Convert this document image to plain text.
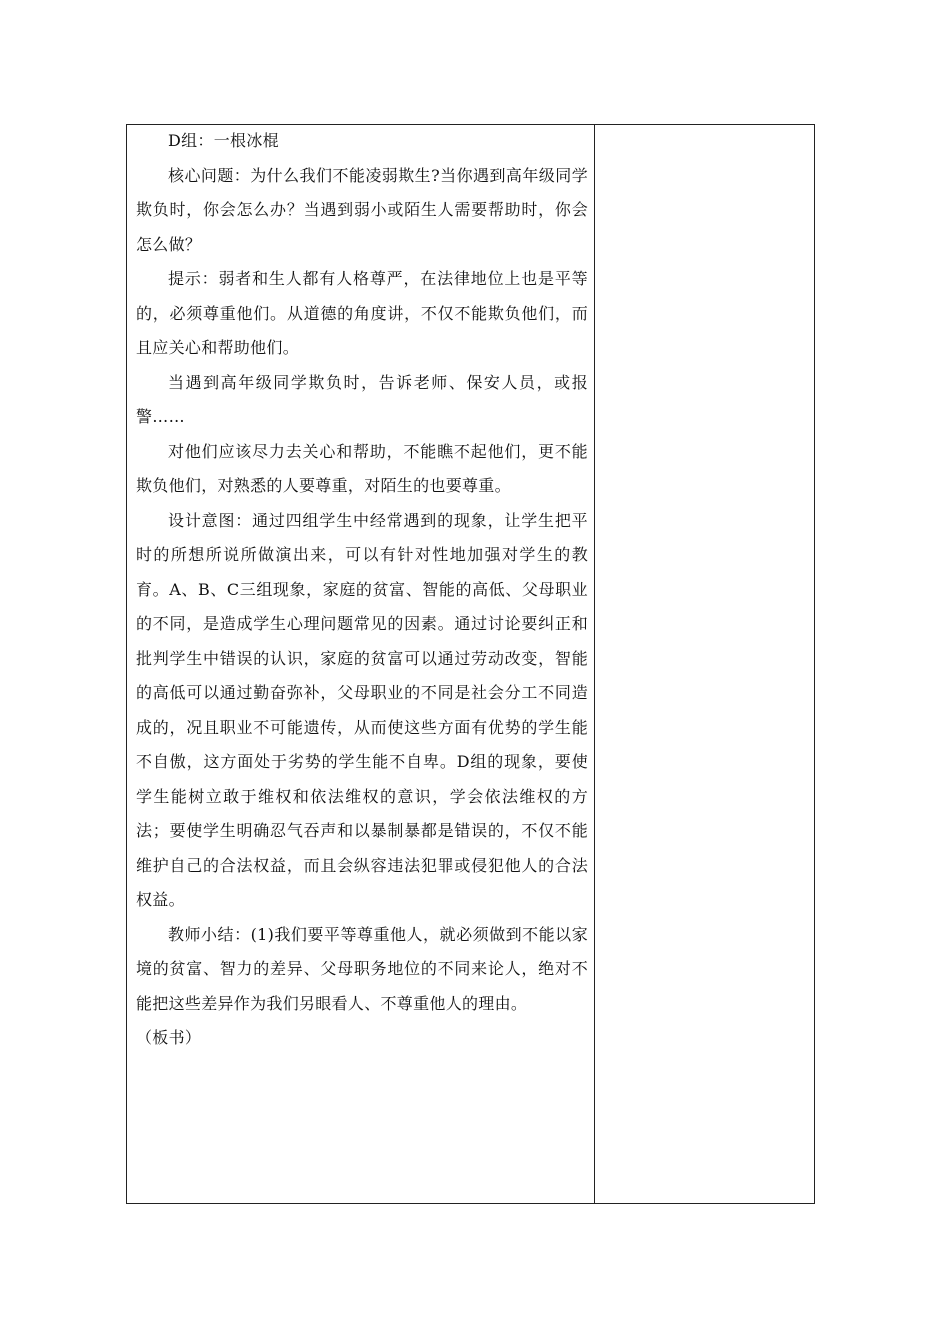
D组：一根冰棍

核心问题：为什么我们不能凌弱欺生?当你遇到高年级同学欺负时，你会怎么办？当遇到弱小或陌生人需要帮助时，你会怎么做？

提示：弱者和生人都有人格尊严，在法律地位上也是平等的，必须尊重他们。从道德的角度讲，不仅不能欺负他们，而且应关心和帮助他们。

当遇到高年级同学欺负时，告诉老师、保安人员，或报警……

对他们应该尽力去关心和帮助，不能瞧不起他们，更不能欺负他们，对熟悉的人要尊重，对陌生的也要尊重。

设计意图：通过四组学生中经常遇到的现象，让学生把平时的所想所说所做演出来，可以有针对性地加强对学生的教育。A、B、C三组现象，家庭的贫富、智能的高低、父母职业的不同，是造成学生心理问题常见的因素。通过讨论要纠正和批判学生中错误的认识，家庭的贫富可以通过劳动改变，智能的高低可以通过勤奋弥补，父母职业的不同是社会分工不同造成的，况且职业不可能遗传，从而使这些方面有优势的学生能不自傲，这方面处于劣势的学生能不自卑。D组的现象，要使学生能树立敢于维权和依法维权的意识，学会依法维权的方法；要使学生明确忍气吞声和以暴制暴都是错误的，不仅不能维护自己的合法权益，而且会纵容违法犯罪或侵犯他人的合法权益。

教师小结：(1)我们要平等尊重他人，就必须做到不能以家境的贫富、智力的差异、父母职务地位的不同来论人，绝对不能把这些差异作为我们另眼看人、不尊重他人的理由。

（板书）
